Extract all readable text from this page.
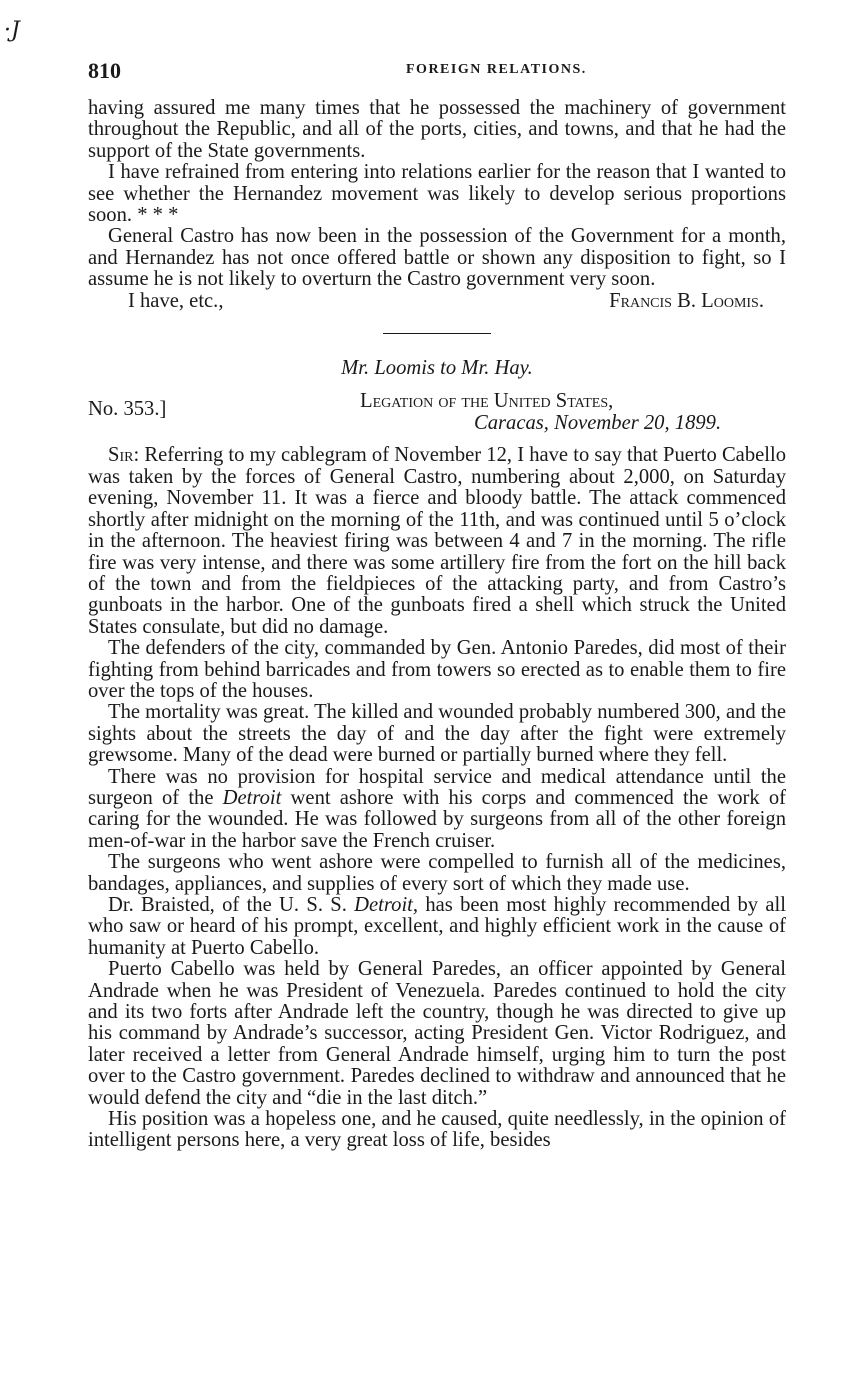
·J
810	FOREIGN RELATIONS.

having assured me many times that he possessed the machinery of government throughout the Republic, and all of the ports, cities, and towns, and that he had the support of the State governments.

I have refrained from entering into relations earlier for the reason that I wanted to see whether the Hernandez movement was likely to develop serious proportions soon. * * *

General Castro has now been in the possession of the Government for a month, and Hernandez has not once offered battle or shown any disposition to fight, so I assume he is not likely to overturn the Castro government very soon.

I have, etc.,	Francis B. Loomis.
Mr. Loomis to Mr. Hay.
No. 353.]	Legation of the United States,
Caracas, November 20, 1899.

Sir: Referring to my cablegram of November 12, I have to say that Puerto Cabello was taken by the forces of General Castro, numbering about 2,000, on Saturday evening, November 11. It was a fierce and bloody battle. The attack commenced shortly after midnight on the morning of the 11th, and was continued until 5 o’clock in the afternoon. The heaviest firing was between 4 and 7 in the morning. The rifle fire was very intense, and there was some artillery fire from the fort on the hill back of the town and from the fieldpieces of the attacking party, and from Castro’s gunboats in the harbor. One of the gunboats fired a shell which struck the United States consulate, but did no damage.

The defenders of the city, commanded by Gen. Antonio Paredes, did most of their fighting from behind barricades and from towers so erected as to enable them to fire over the tops of the houses.

The mortality was great. The killed and wounded probably numbered 300, and the sights about the streets the day of and the day after the fight were extremely grewsome. Many of the dead were burned or partially burned where they fell.

There was no provision for hospital service and medical attendance until the surgeon of the Detroit went ashore with his corps and commenced the work of caring for the wounded. He was followed by surgeons from all of the other foreign men-of-war in the harbor save the French cruiser.

The surgeons who went ashore were compelled to furnish all of the medicines, bandages, appliances, and supplies of every sort of which they made use.

Dr. Braisted, of the U. S. S. Detroit, has been most highly recommended by all who saw or heard of his prompt, excellent, and highly efficient work in the cause of humanity at Puerto Cabello.

Puerto Cabello was held by General Paredes, an officer appointed by General Andrade when he was President of Venezuela. Paredes continued to hold the city and its two forts after Andrade left the country, though he was directed to give up his command by Andrade’s successor, acting President Gen. Victor Rodriguez, and later received a letter from General Andrade himself, urging him to turn the post over to the Castro government. Paredes declined to withdraw and announced that he would defend the city and “die in the last ditch.”

His position was a hopeless one, and he caused, quite needlessly, in the opinion of intelligent persons here, a very great loss of life, besides
